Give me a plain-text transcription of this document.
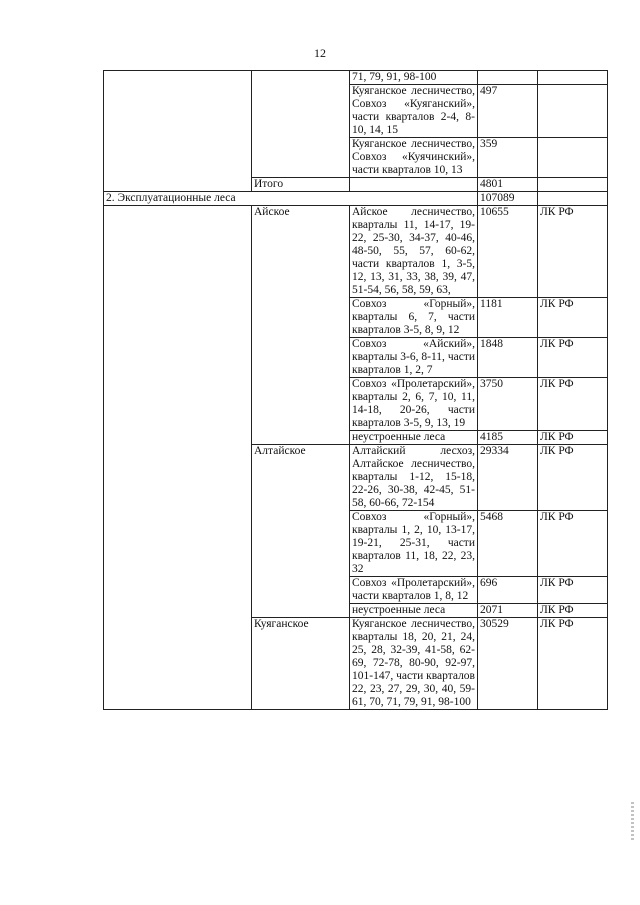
12
		71, 79, 91, 98-100		
		Куяганское лесничество, Совхоз «Куяганский», части кварталов 2-4, 8-10, 14, 15	497	
		Куяганское лесничество, Совхоз «Куячинский», части кварталов 10, 13	359	
	Итого		4801	
2. Эксплуатационные леса			107089	
	Айское	Айское лесничество, кварталы 11, 14-17, 19-22, 25-30, 34-37, 40-46, 48-50, 55, 57, 60-62, части кварталов 1, 3-5, 12, 13, 31, 33, 38, 39, 47, 51-54, 56, 58, 59, 63,	10655	ЛК РФ
		Совхоз «Горный», кварталы 6, 7, части кварталов 3-5, 8, 9, 12	1181	ЛК РФ
		Совхоз «Айский», кварталы 3-6, 8-11, части кварталов 1, 2, 7	1848	ЛК РФ
		Совхоз «Пролетарский», кварталы 2, 6, 7, 10, 11, 14-18, 20-26, части кварталов 3-5, 9, 13, 19	3750	ЛК РФ
		неустроенные леса	4185	ЛК РФ
	Алтайское	Алтайский лесхоз, Алтайское лесничество, кварталы 1-12, 15-18, 22-26, 30-38, 42-45, 51-58, 60-66, 72-154	29334	ЛК РФ
		Совхоз «Горный», кварталы 1, 2, 10, 13-17, 19-21, 25-31, части кварталов 11, 18, 22, 23, 32	5468	ЛК РФ
		Совхоз «Пролетарский», части кварталов 1, 8, 12	696	ЛК РФ
		неустроенные леса	2071	ЛК РФ
	Куяганское	Куяганское лесничество, кварталы 18, 20, 21, 24, 25, 28, 32-39, 41-58, 62-69, 72-78, 80-90, 92-97, 101-147, части кварталов 22, 23, 27, 29, 30, 40, 59-61, 70, 71, 79, 91, 98-100	30529	ЛК РФ
